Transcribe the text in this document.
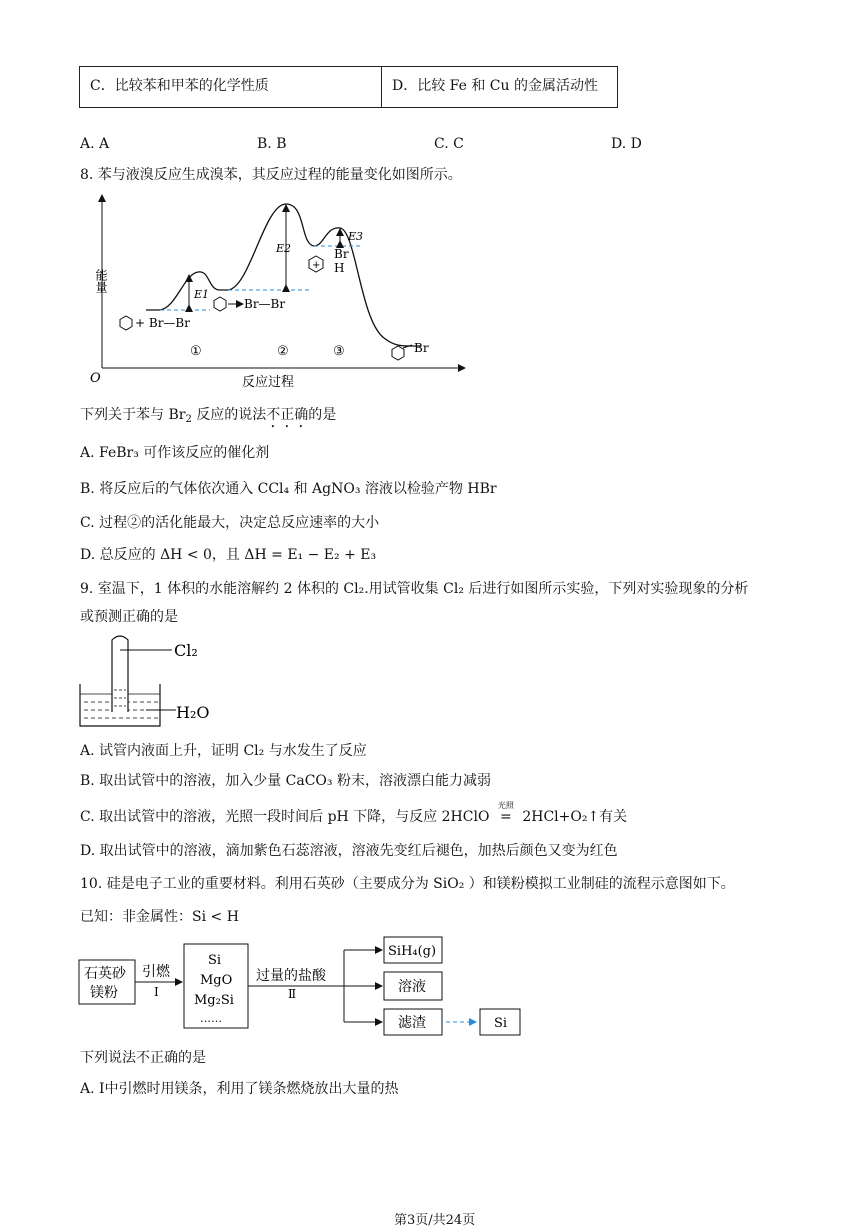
C．比较苯和甲苯的化学性质	D．比较 Fe 和 Cu 的金属活动性
A. A	B. B	C. C	D. D
8. 苯与液溴反应生成溴苯，其反应过程的能量变化如图所示。
O
能量
反应过程
E1
E2
E3
+ Br—Br
Br—Br
+
Br
H
Br
①	②	③
下列关于苯与 $Br_2$ 反应的说法不正确的是
A. FeBr₃ 可作该反应的催化剂
B. 将反应后的气体依次通入 CCl₄ 和 AgNO₃ 溶液以检验产物 HBr
C. 过程②的活化能最大，决定总反应速率的大小
D. 总反应的 ΔH < 0，且 ΔH = E₁ − E₂ + E₃
9. 室温下，1 体积的水能溶解约 2 体积的 Cl₂.用试管收集 Cl₂ 后进行如图所示实验，下列对实验现象的分析
或预测正确的是
Cl₂
H₂O
A. 试管内液面上升，证明 Cl₂ 与水发生了反应
B. 取出试管中的溶液，加入少量 CaCO₃ 粉末，溶液漂白能力减弱
C. 取出试管中的溶液，光照一段时间后 pH 下降，与反应 2HClO
光照
= 2HCl+O₂↑有关
D. 取出试管中的溶液，滴加紫色石蕊溶液，溶液先变红后褪色，加热后颜色又变为红色
10. 硅是电子工业的重要材料。利用石英砂（主要成分为 SiO₂ ）和镁粉模拟工业制硅的流程示意图如下。
已知：非金属性：Si < H
石英砂
镁粉
引燃
Ⅰ
Si
MgO
Mg₂Si
……
过量的盐酸
Ⅱ
SiH₄(g)
溶液
滤渣	Si
下列说法不正确的是
A. Ⅰ中引燃时用镁条，利用了镁条燃烧放出大量的热
第3页/共24页
